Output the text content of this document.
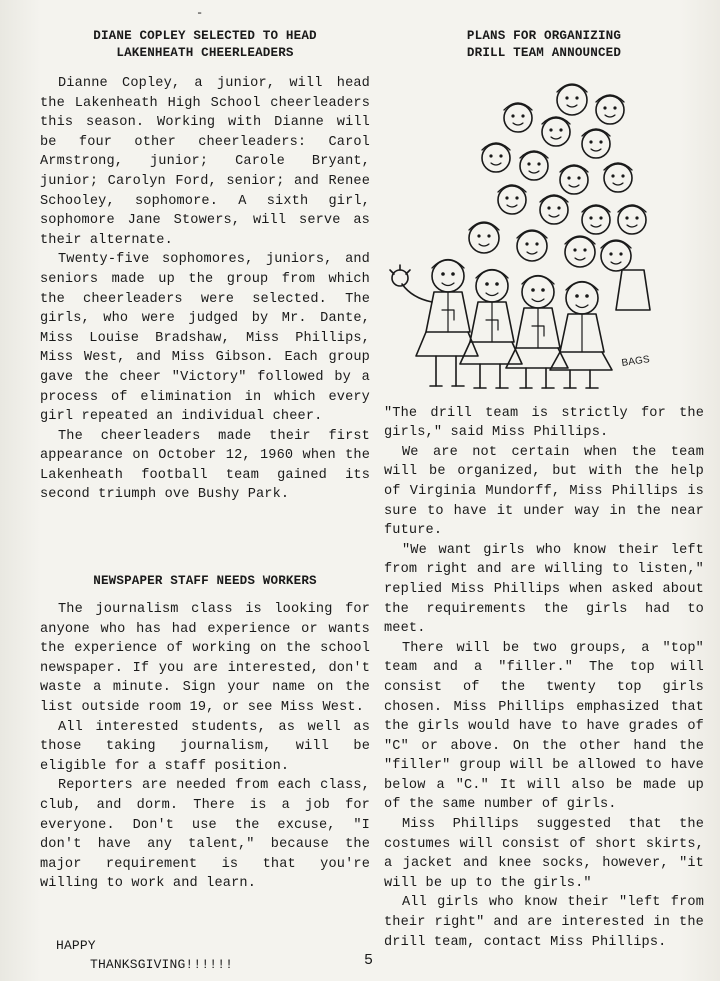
-
DIANE COPLEY SELECTED TO HEAD
LAKENHEATH CHEERLEADERS

Dianne Copley, a junior, will head the Lakenheath High School cheerleaders this season. Working with Dianne will be four other cheerleaders: Carol Armstrong, junior; Carole Bryant, junior; Carolyn Ford, senior; and Renee Schooley, sophomore. A sixth girl, sophomore Jane Stowers, will serve as their alternate.

Twenty-five sophomores, juniors, and seniors made up the group from which the cheerleaders were selected. The girls, who were judged by Mr. Dante, Miss Louise Bradshaw, Miss Phillips, Miss West, and Miss Gibson. Each group gave the cheer "Victory" followed by a process of elimination in which every girl repeated an individual cheer.

The cheerleaders made their first appearance on October 12, 1960 when the Lakenheath football team gained its second triumph ove Bushy Park.

NEWSPAPER STAFF NEEDS WORKERS

The journalism class is looking for anyone who has had experience or wants the experience of working on the school newspaper. If you are interested, don't waste a minute. Sign your name on the list outside room 19, or see Miss West.

All interested students, as well as those taking journalism, will be eligible for a staff position.

Reporters are needed from each class, club, and dorm. There is a job for everyone. Don't use the excuse, "I don't have any talent," because the major requirement is that you're willing to work and learn.

HAPPY
THANKSGIVING!!!!!!
PLANS FOR ORGANIZING
DRILL TEAM ANNOUNCED
BAGS

"The drill team is strictly for the girls," said Miss Phillips.

We are not certain when the team will be organized, but with the help of Virginia Mundorff, Miss Phillips is sure to have it under way in the near future.

"We want girls who know their left from right and are willing to listen," replied Miss Phillips when asked about the requirements the girls had to meet.

There will be two groups, a "top" team and a "filler." The top will consist of the twenty top girls chosen. Miss Phillips emphasized that the girls would have to have grades of "C" or above. On the other hand the "filler" group will be allowed to have below a "C." It will also be made up of the same number of girls.

Miss Phillips suggested that the costumes will consist of short skirts, a jacket and knee socks, however, "it will be up to the girls."

All girls who know their "left from their right" and are interested in the drill team, contact Miss Phillips.

5
